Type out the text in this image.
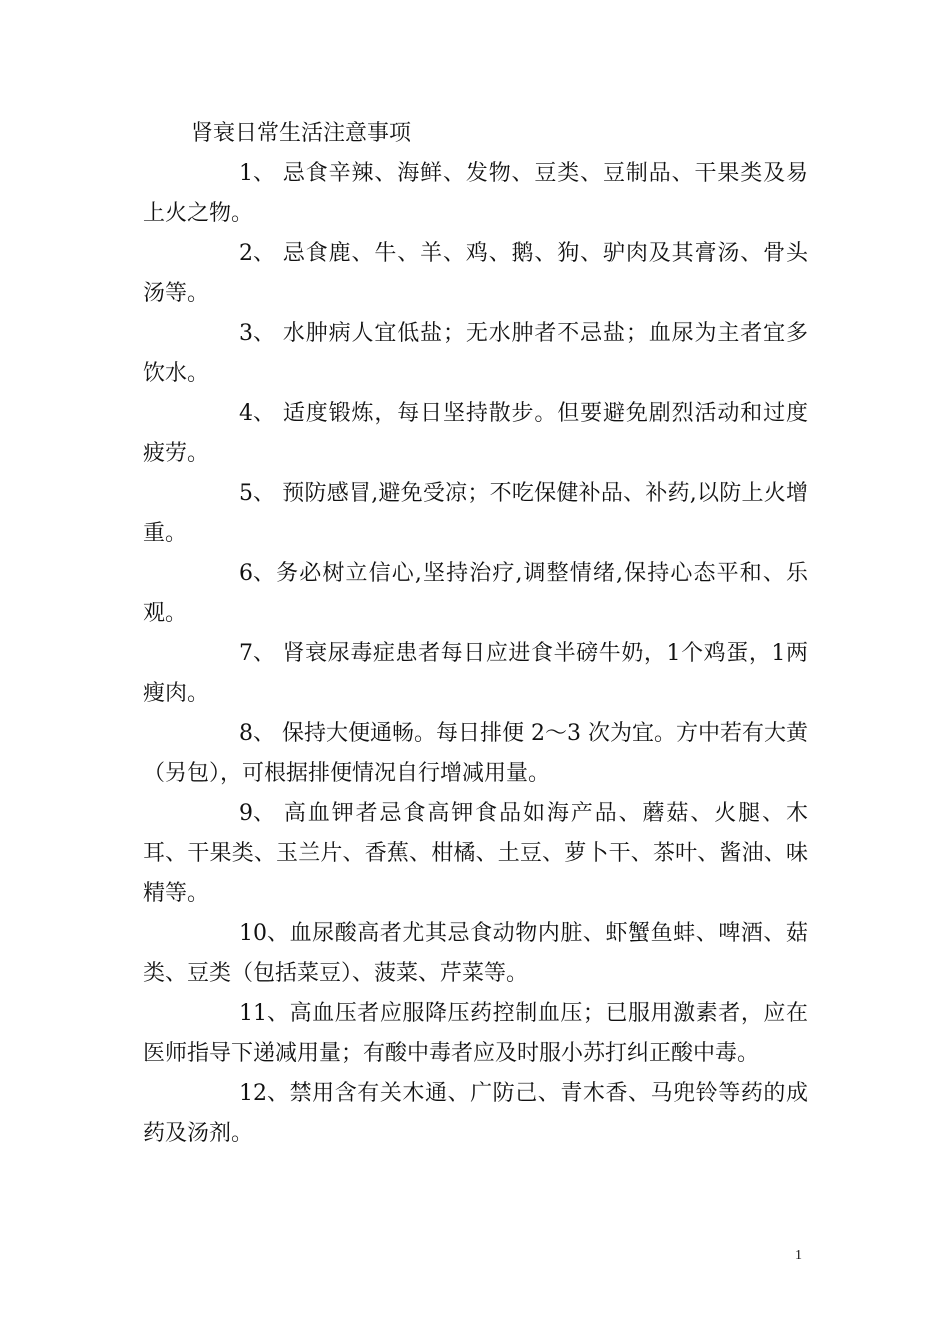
肾衰日常生活注意事项

1、 忌食辛辣、海鲜、发物、豆类、豆制品、干果类及易上火之物。

2、 忌食鹿、牛、羊、鸡、鹅、狗、驴肉及其膏汤、骨头汤等。

3、 水肿病人宜低盐；无水肿者不忌盐；血尿为主者宜多饮水。

4、 适度锻炼，每日坚持散步。但要避免剧烈活动和过度疲劳。

5、 预防感冒,避免受凉；不吃保健补品、补药,以防上火增重。

6、务必树立信心,坚持治疗,调整情绪,保持心态平和、乐观。

7、 肾衰尿毒症患者每日应进食半磅牛奶，1个鸡蛋，1两瘦肉。

8、 保持大便通畅。每日排便 2～3 次为宜。方中若有大黄（另包），可根据排便情况自行增减用量。

9、 高血钾者忌食高钾食品如海产品、蘑菇、火腿、木耳、干果类、玉兰片、香蕉、柑橘、土豆、萝卜干、茶叶、酱油、味精等。

10、血尿酸高者尤其忌食动物内脏、虾蟹鱼蚌、啤酒、菇类、豆类（包括菜豆）、菠菜、芹菜等。

11、高血压者应服降压药控制血压；已服用激素者，应在医师指导下递减用量；有酸中毒者应及时服小苏打纠正酸中毒。

12、禁用含有关木通、广防己、青木香、马兜铃等药的成药及汤剂。

1
